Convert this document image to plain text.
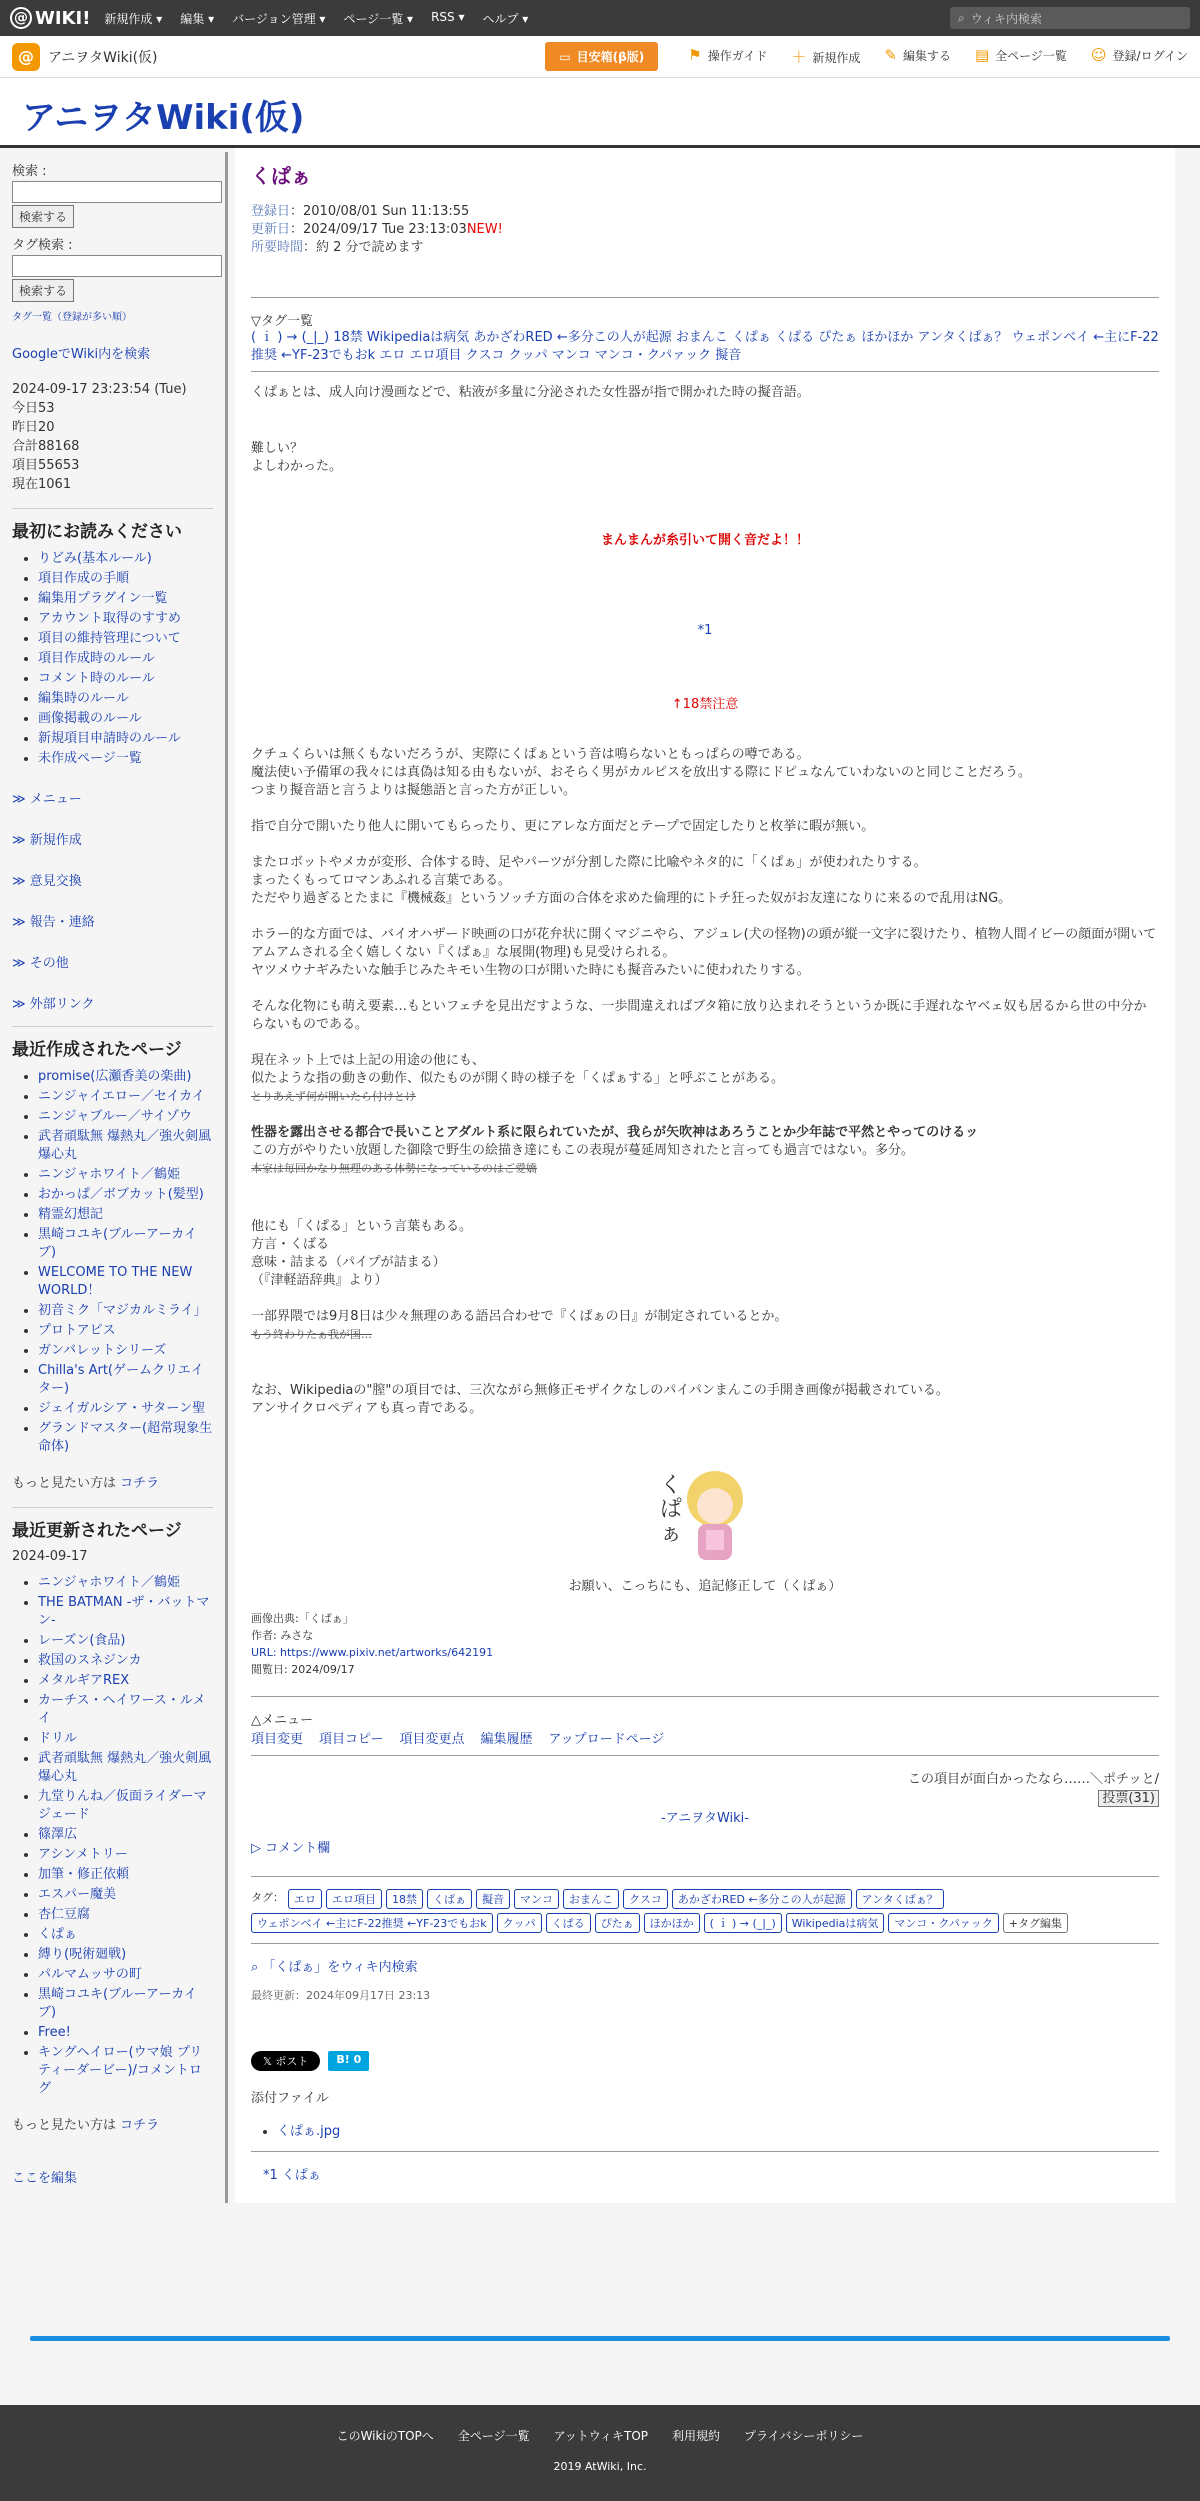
@ WIKI! 新規作成 ▾ 編集 ▾ バージョン管理 ▾ ページ一覧 ▾ RSS ▾ ヘルプ ▾	⌕ ウィキ内検索
@	アニヲタWiki(仮)	▭ 目安箱(β版)	⚑ 操作ガイド ＋ 新規作成 ✎ 編集する ▤ 全ページ一覧 ☺ 登録/ログイン
アニヲタWiki(仮)
検索 :
検索する
タグ検索 :
検索する
タグ一覧（登録が多い順）
GoogleでWiki内を検索
2024-09-17 23:23:54 (Tue)
今日53
昨日20
合計88168
項目55653
現在1061
最初にお読みください
• りどみ(基本ルール)
• 項目作成の手順
• 編集用プラグイン一覧
• アカウント取得のすすめ
• 項目の維持管理について
• 項目作成時のルール
• コメント時のルール
• 編集時のルール
• 画像掲載のルール
• 新規項目申請時のルール
• 未作成ページ一覧
≫ メニュー
≫ 新規作成
≫ 意見交換
≫ 報告・連絡
≫ その他
≫ 外部リンク
最近作成されたページ
• promise(広瀬香美の楽曲)
• ニンジャイエロー／セイカイ
• ニンジャブルー／サイゾウ
• 武者頑駄無 爆熱丸／強火剣風 爆心丸
• ニンジャホワイト／鶴姫
• おかっぱ／ボブカット(髪型)
• 精霊幻想記
• 黒崎コユキ(ブルーアーカイブ)
• WELCOME TO THE NEW WORLD！
• 初音ミク「マジカルミライ」
• プロトアビス
• ガンバレットシリーズ
• Chilla's Art(ゲームクリエイター)
• ジェイガルシア・サターン聖
• グランドマスター(超常現象生命体)
もっと見たい方は コチラ
最近更新されたページ
2024-09-17
• ニンジャホワイト／鶴姫
• THE BATMAN -ザ・バットマン-
• レーズン(食品)
• 救国のスネジンカ
• メタルギアREX
• カーチス・ヘイワース・ルメイ
• ドリル
• 武者頑駄無 爆熱丸／強火剣風 爆心丸
• 九堂りんね／仮面ライダーマジェード
• 篠澤広
• アシンメトリー
• 加筆・修正依頼
• エスパー魔美
• 杏仁豆腐
• くぱぁ
• 縛り(呪術廻戦)
• パルマムッサの町
• 黒崎コユキ(ブルーアーカイブ)
• Free!
• キングヘイロー(ウマ娘 プリティーダービー)/コメントログ
もっと見たい方は コチラ
ここを編集
くぱぁ
登録日：2010/08/01 Sun 11:13:55
更新日：2024/09/17 Tue 23:13:03NEW!
所要時間：約 2 分で読めます
▽タグ一覧
( ｉ ) → (_|_) 18禁 Wikipediaは病気 あかざわRED ←多分この人が起源 おまんこ くぱぁ くぱる ぴたぁ ほかほか アンタくぱぁ？ ウェポンベイ ←主にF-22推奨 ←YF-23でもおk エロ エロ項目 クスコ クッパ マンコ マンコ・クパァック 擬音

くぱぁとは、成人向け漫画などで、粘液が多量に分泌された女性器が指で開かれた時の擬音語。

難しい？

よしわかった。

まんまんが糸引いて開く音だよ！！

*1

↑18禁注意

クチュくらいは無くもないだろうが、実際にくぱぁという音は鳴らないともっぱらの噂である。

魔法使い予備軍の我々には真偽は知る由もないが、おそらく男がカルピスを放出する際にドピュなんていわないのと同じことだろう。

つまり擬音語と言うよりは擬態語と言った方が正しい。

指で自分で開いたり他人に開いてもらったり、更にアレな方面だとテープで固定したりと枚挙に暇が無い。

またロボットやメカが変形、合体する時、足やパーツが分割した際に比喩やネタ的に「くぱぁ」が使われたりする。

まったくもってロマンあふれる言葉である。

ただやり過ぎるとたまに『機械姦』というソッチ方面の合体を求めた倫理的にトチ狂った奴がお友達になりに来るので乱用はNG。

ホラー的な方面では、バイオハザード映画の口が花弁状に開くマジニやら、アジュレ(犬の怪物)の頭が縦一文字に裂けたり、植物人間イビーの顔面が開いてアムアムされる全く嬉しくない『くぱぁ』な展開(物理)も見受けられる。

ヤツメウナギみたいな触手じみたキモい生物の口が開いた時にも擬音みたいに使われたりする。

そんな化物にも萌え要素…もといフェチを見出だすような、一歩間違えればブタ箱に放り込まれそうというか既に手遅れなヤベェ奴も居るから世の中分からないものである。

現在ネット上では上記の用途の他にも、

似たような指の動きの動作、似たものが開く時の様子を「くぱぁする」と呼ぶことがある。

とりあえず何が開いたら付けとけ

性器を露出させる都合で長いことアダルト系に限られていたが、我らが矢吹神はあろうことか少年誌で平然とやってのけるッ

この方がやりたい放題した御陰で野生の絵描き達にもこの表現が蔓延周知されたと言っても過言ではない。多分。

本家は毎回かなり無理のある体勢になっているのはご愛嬌

他にも「くぱる」という言葉もある。

方言・くばる

意味・詰まる（パイプが詰まる）

（『津軽語辞典』より）

一部界隈では9月8日は少々無理のある語呂合わせで『くぱぁの日』が制定されているとか。

もう終わりたぁ我が国…

なお、Wikipediaの"膣"の項目では、三次ながら無修正モザイクなしのパイパンまんこの手開き画像が掲載されている。

アンサイクロペディアも真っ青である。

く
ぱ
ぁ

お願い、こっちにも、追記修正して（くぱぁ）

画像出典:「くぱぁ」
作者: みさな
URL: https://www.pixiv.net/artworks/642191
閲覧日: 2024/09/17
△メニュー
項目変更 項目コピー 項目変更点 編集履歴 アップロードページ
この項目が面白かったなら……＼ポチッと/
投票(31)

-アニヲタWiki-

▷ コメント欄

タグ： エロ	エロ項目	18禁	くぱぁ	擬音	マンコ	おまんこ	クスコ	あかざわRED ←多分この人が起源	アンタくぱぁ？
ウェポンベイ ←主にF-22推奨 ←YF-23でもおk	クッパ	くぱる	ぴたぁ	ほかほか	( ｉ ) → (_|_)	Wikipediaは病気	マンコ・クパァック	+タグ編集
⌕ 「くぱぁ」をウィキ内検索
最終更新：2024年09月17日 23:13
𝕏 ポスト	B! 0
添付ファイル
• くぱぁ.jpg
*1 くぱぁ
このWikiのTOPへ 全ページ一覧 アットウィキTOP 利用規約 プライバシーポリシー
2019 AtWiki, Inc.
